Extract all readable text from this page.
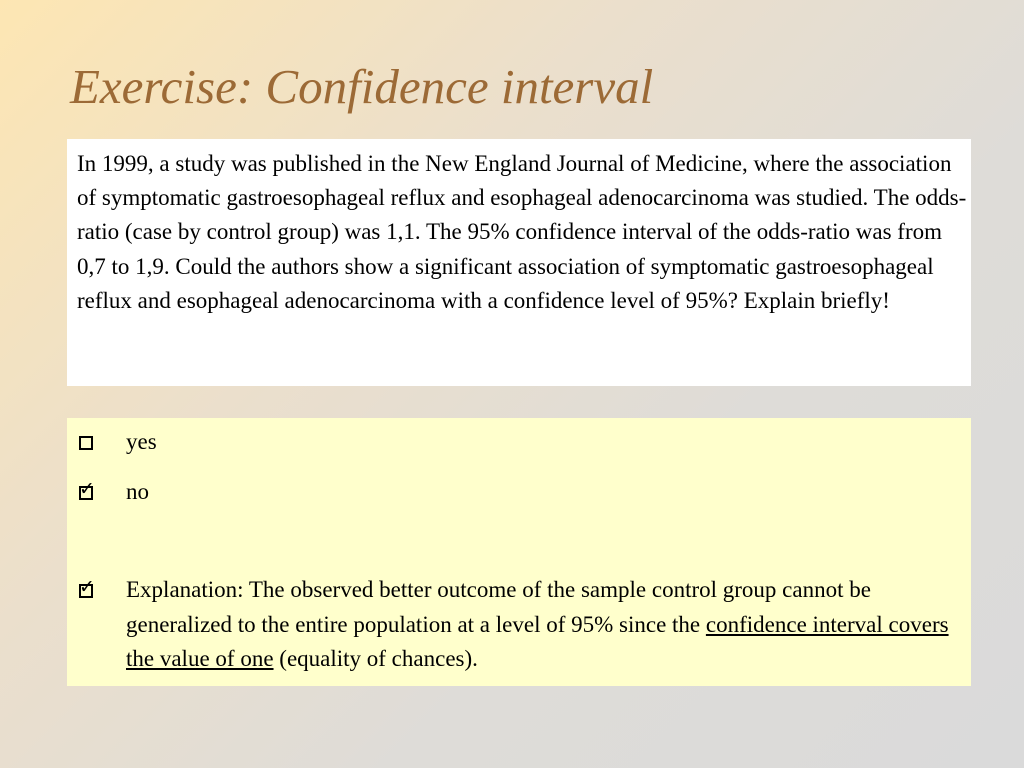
Exercise: Confidence interval

In 1999, a study was published in the New England Journal of Medicine, where the association of symptomatic gastroesophageal reflux and esophageal adenocarcinoma was studied. The odds-ratio (case by control group) was 1,1. The 95% confidence interval of the odds-ratio was from 0,7 to 1,9. Could the authors show a significant association of symptomatic gastroesophageal reflux and esophageal adenocarcinoma with a confidence level of 95%? Explain briefly!

yes
✓ no
✓ Explanation: The observed better outcome of the sample control group cannot be generalized to the entire population at a level of 95% since the confidence interval covers the value of one (equality of chances).
